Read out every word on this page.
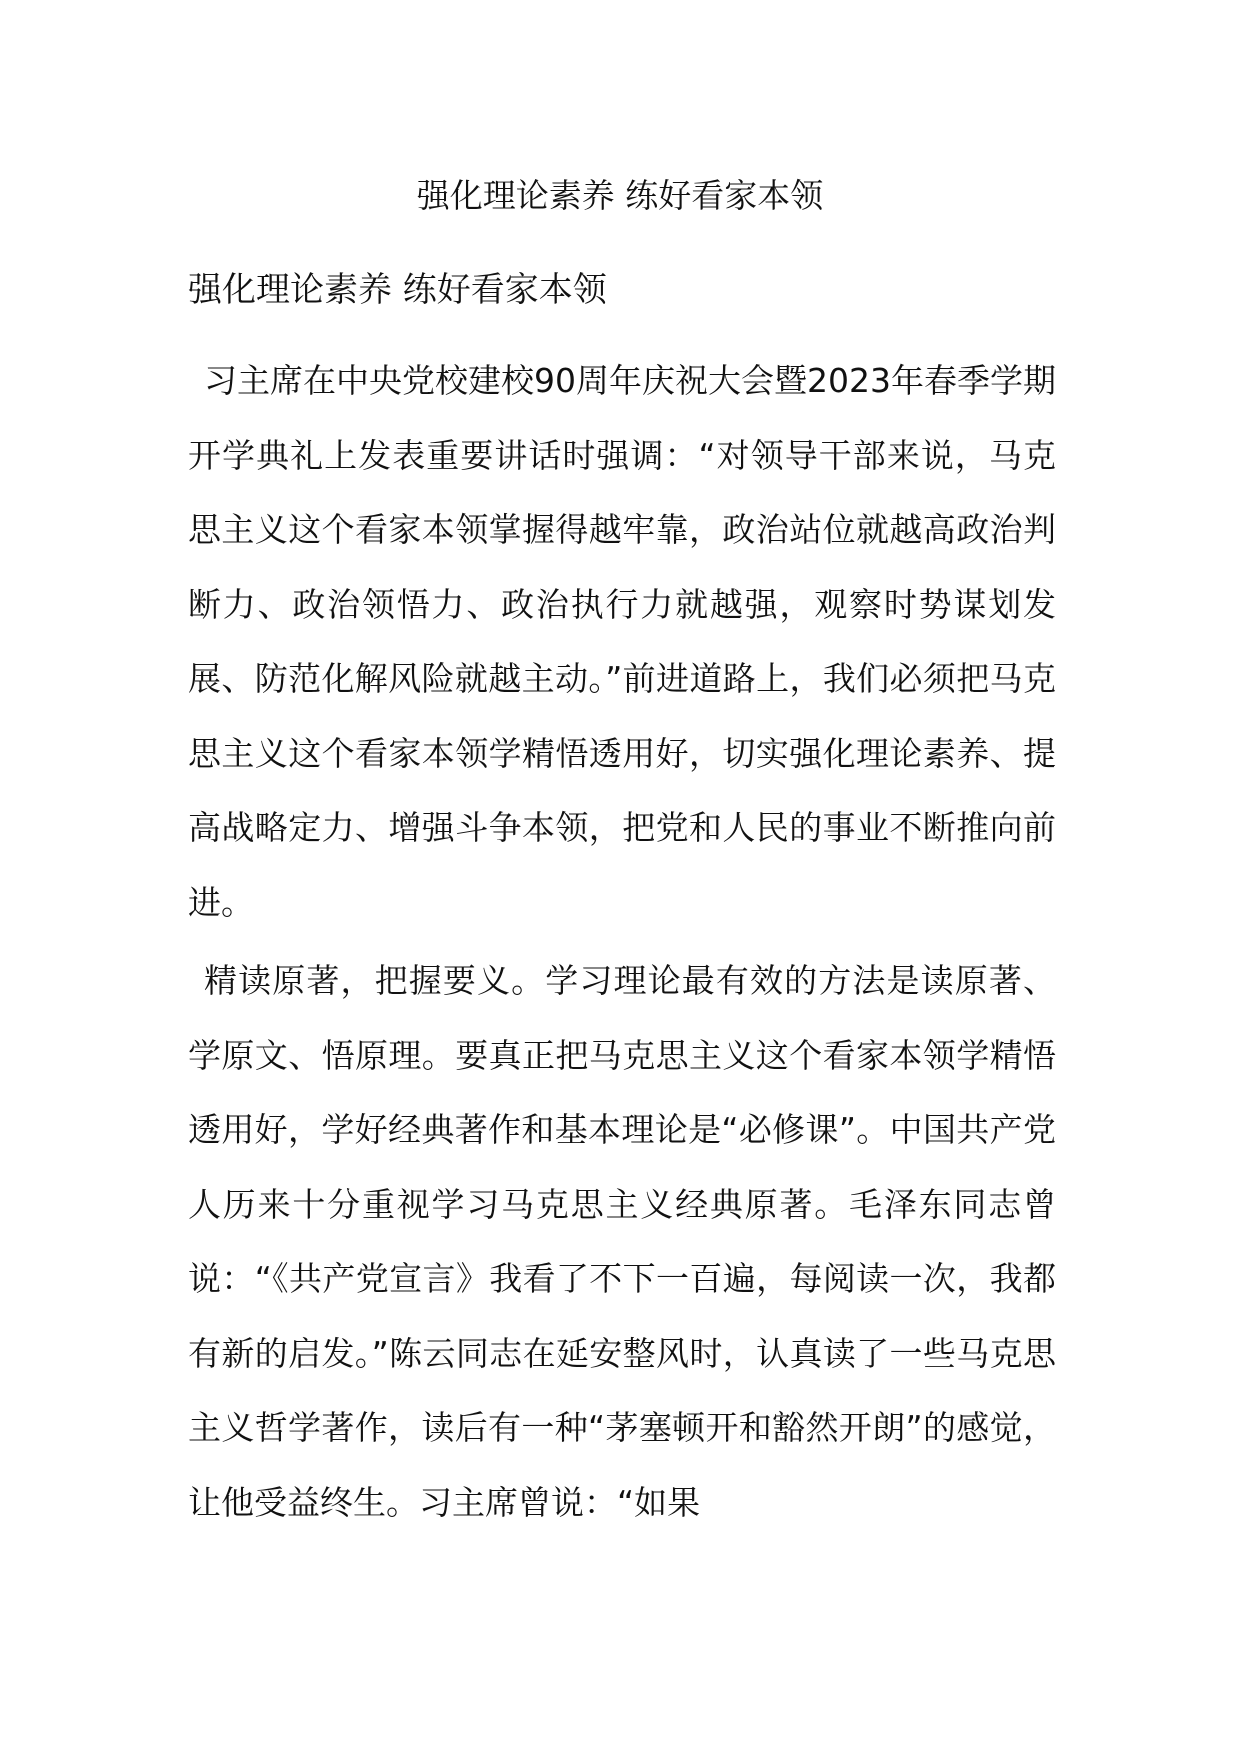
强化理论素养 练好看家本领
强化理论素养 练好看家本领

习主席在中央党校建校90周年庆祝大会暨2023年春季学期开学典礼上发表重要讲话时强调：“对领导干部来说，马克思主义这个看家本领掌握得越牢靠，政治站位就越高政治判断力、政治领悟力、政治执行力就越强，观察时势谋划发展、防范化解风险就越主动。”前进道路上，我们必须把马克思主义这个看家本领学精悟透用好，切实强化理论素养、提高战略定力、增强斗争本领，把党和人民的事业不断推向前进。

精读原著，把握要义。学习理论最有效的方法是读原著、学原文、悟原理。要真正把马克思主义这个看家本领学精悟透用好，学好经典著作和基本理论是“必修课”。中国共产党人历来十分重视学习马克思主义经典原著。毛泽东同志曾说：“《共产党宣言》我看了不下一百遍，每阅读一次，我都有新的启发。”陈云同志在延安整风时，认真读了一些马克思主义哲学著作，读后有一种“茅塞顿开和豁然开朗”的感觉，让他受益终生。习主席曾说：“如果
